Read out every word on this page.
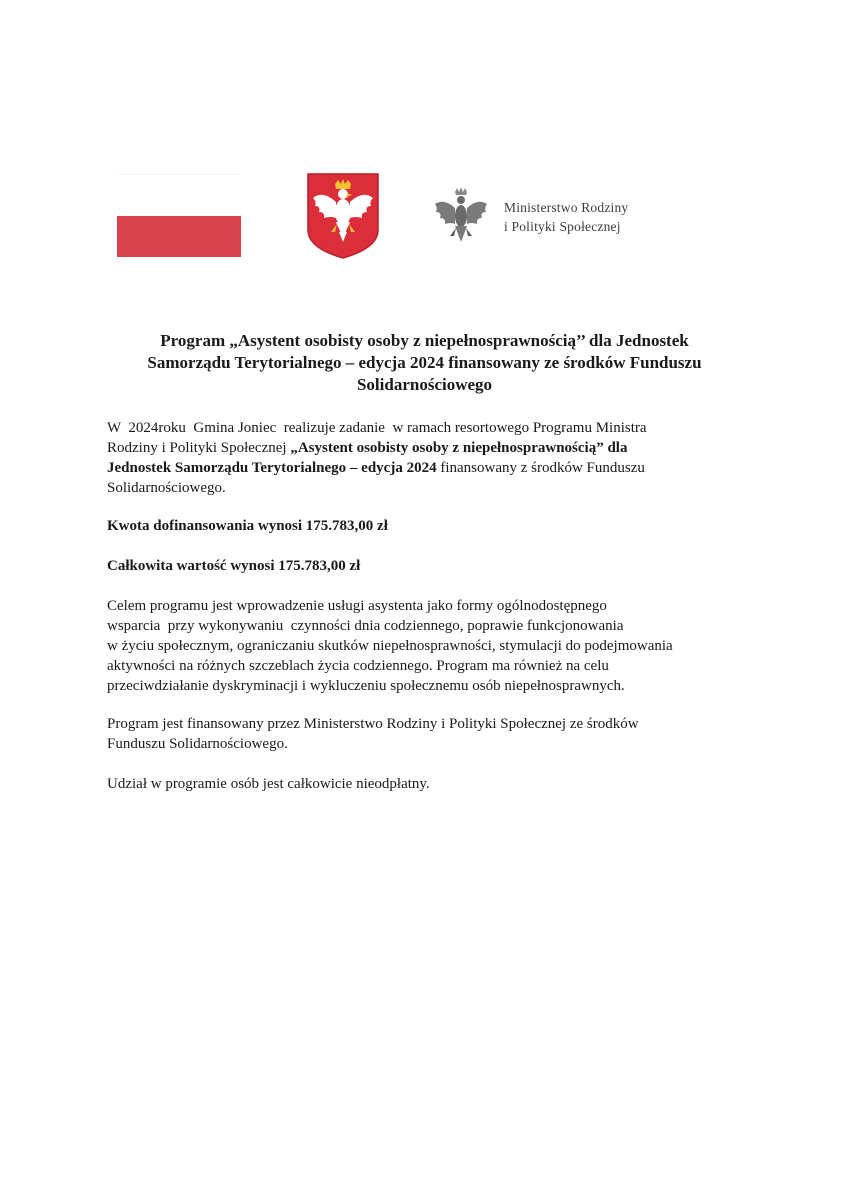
Ministerstwo Rodziny
i Polityki Społecznej
Program „Asystent osobisty osoby z niepełnosprawnością’’ dla Jednostek
Samorządu Terytorialnego – edycja 2024 finansowany ze środków Funduszu
Solidarnościowego
W  2024roku  Gmina Joniec  realizuje zadanie  w ramach resortowego Programu Ministra
Rodziny i Polityki Społecznej „Asystent osobisty osoby z niepełnosprawnością” dla
Jednostek Samorządu Terytorialnego – edycja 2024 finansowany z środków Funduszu
Solidarnościowego.
Kwota dofinansowania wynosi 175.783,00 zł
Całkowita wartość wynosi 175.783,00 zł
Celem programu jest wprowadzenie usługi asystenta jako formy ogólnodostępnego
wsparcia  przy wykonywaniu  czynności dnia codziennego, poprawie funkcjonowania
w życiu społecznym, ograniczaniu skutków niepełnosprawności, stymulacji do podejmowania
aktywności na różnych szczeblach życia codziennego. Program ma również na celu
przeciwdziałanie dyskryminacji i wykluczeniu społecznemu osób niepełnosprawnych.
Program jest finansowany przez Ministerstwo Rodziny i Polityki Społecznej ze środków
Funduszu Solidarnościowego.
Udział w programie osób jest całkowicie nieodpłatny.
